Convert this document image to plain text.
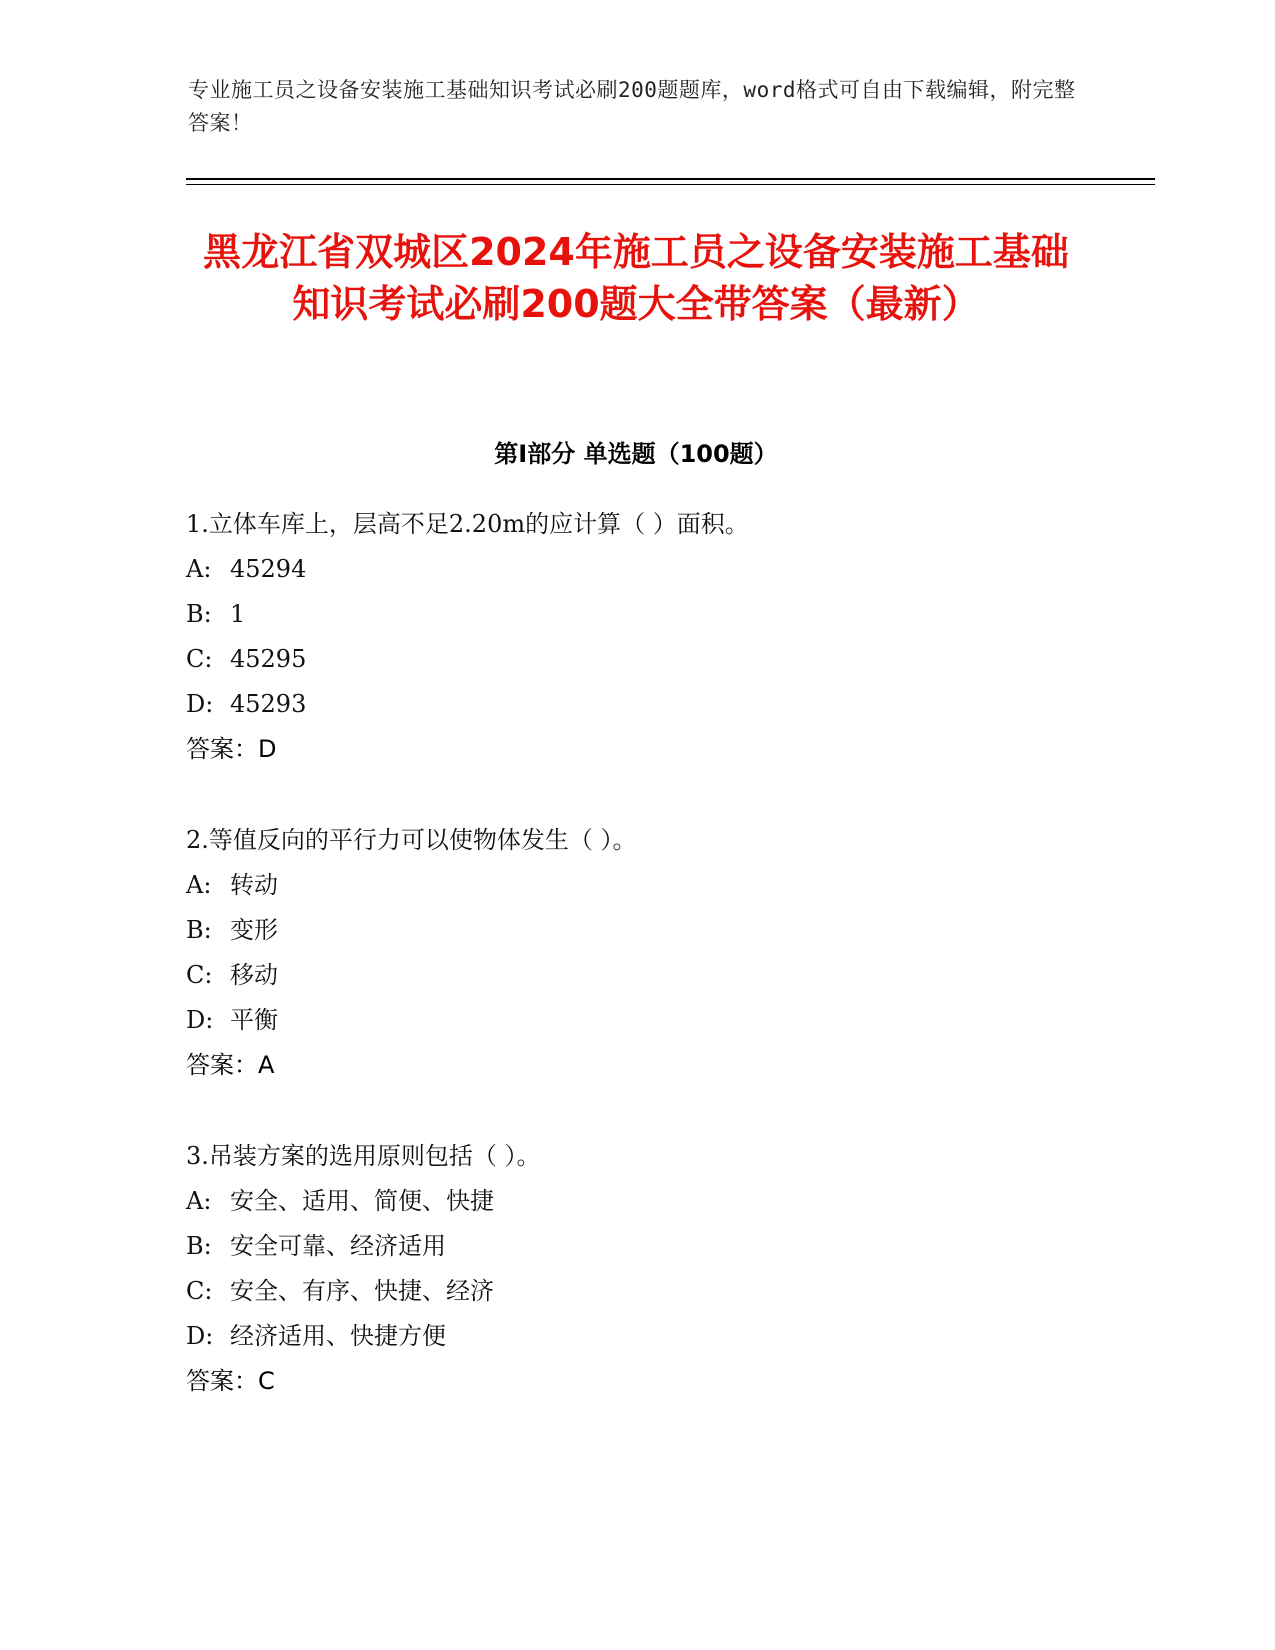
专业施工员之设备安装施工基础知识考试必刷200题题库，word格式可自由下载编辑，附完整答案！
黑龙江省双城区2024年施工员之设备安装施工基础知识考试必刷200题大全带答案（最新）
第I部分 单选题（100题）
1.立体车库上，层高不足2.20m的应计算（ ）面积。
A: 45294
B: 1
C: 45295
D: 45293
答案：D
2.等值反向的平行力可以使物体发生（ ）。
A: 转动
B: 变形
C: 移动
D: 平衡
答案：A
3.吊装方案的选用原则包括（ ）。
A: 安全、适用、简便、快捷
B: 安全可靠、经济适用
C: 安全、有序、快捷、经济
D: 经济适用、快捷方便
答案：C
